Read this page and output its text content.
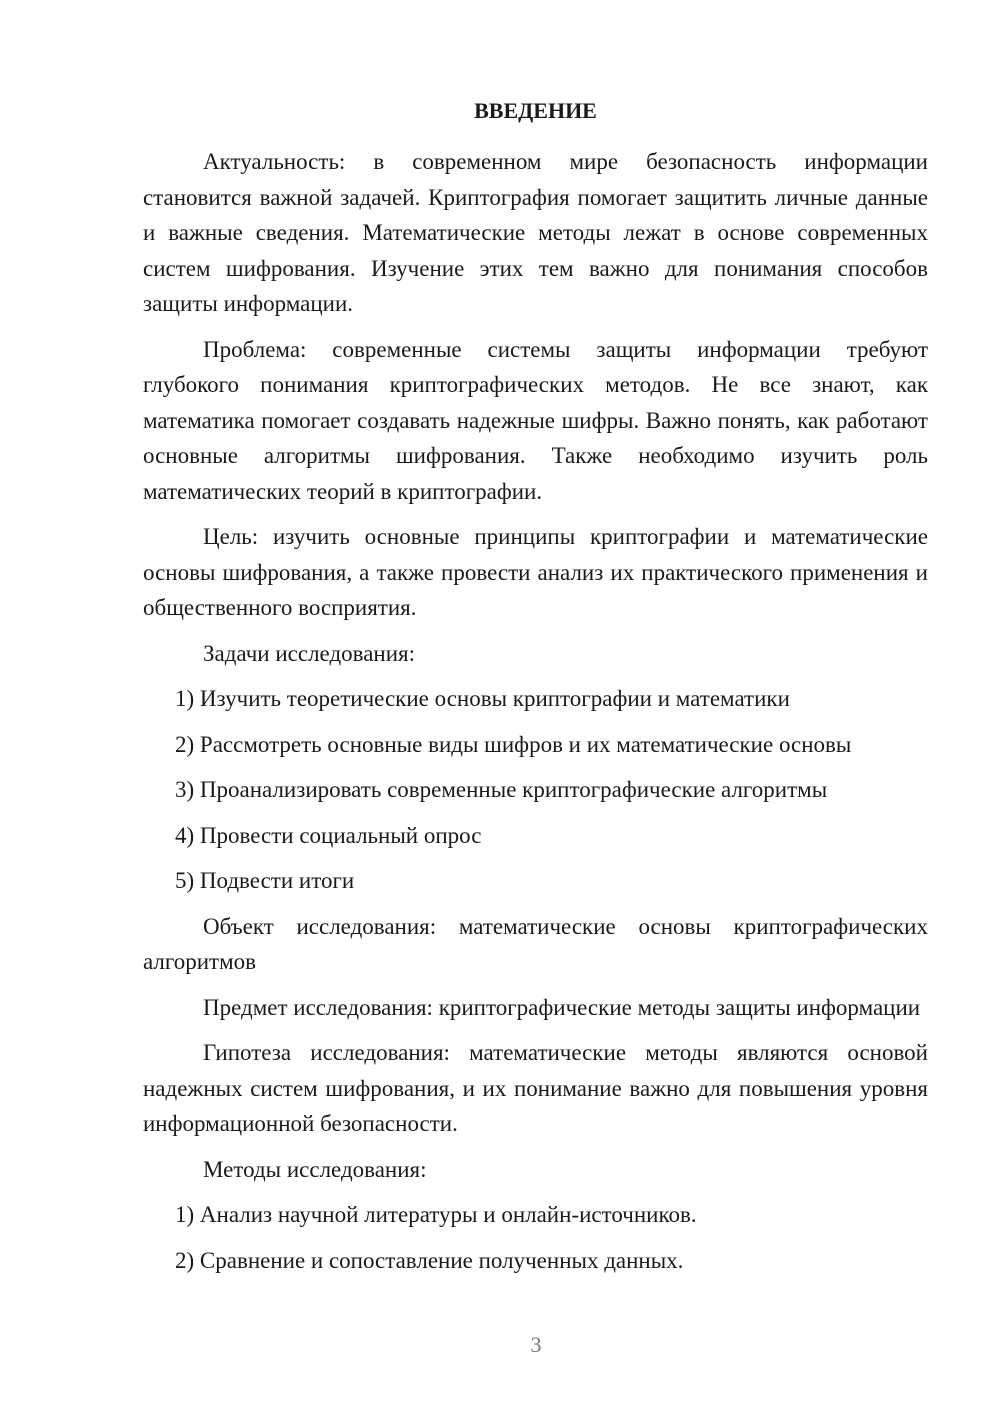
ВВЕДЕНИЕ

Актуальность: в современном мире безопасность информации становится важной задачей. Криптография помогает защитить личные данные и важные сведения. Математические методы лежат в основе современных систем шифрования. Изучение этих тем важно для понимания способов защиты информации.

Проблема: современные системы защиты информации требуют глубокого понимания криптографических методов. Не все знают, как математика помогает создавать надежные шифры. Важно понять, как работают основные алгоритмы шифрования. Также необходимо изучить роль математических теорий в криптографии.

Цель: изучить основные принципы криптографии и математические основы шифрования, а также провести анализ их практического применения и общественного восприятия.

Задачи исследования:

1) Изучить теоретические основы криптографии и математики

2) Рассмотреть основные виды шифров и их математические основы

3) Проанализировать современные криптографические алгоритмы

4) Провести социальный опрос

5) Подвести итоги

Объект исследования: математические основы криптографических алгоритмов

Предмет исследования: криптографические методы защиты информации

Гипотеза исследования: математические методы являются основой надежных систем шифрования, и их понимание важно для повышения уровня информационной безопасности.

Методы исследования:

1) Анализ научной литературы и онлайн-источников.

2) Сравнение и сопоставление полученных данных.

3
